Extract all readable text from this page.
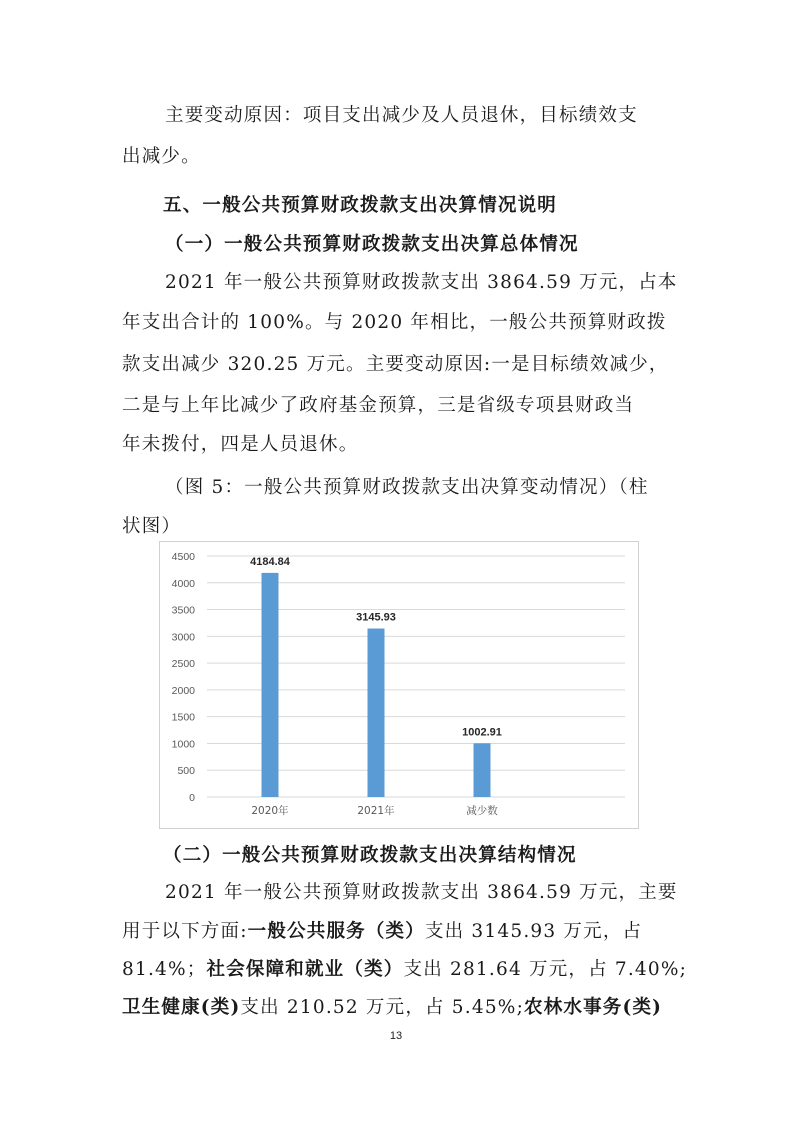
主要变动原因：项目支出减少及人员退休，目标绩效支
出减少。
五、一般公共预算财政拨款支出决算情况说明
（一）一般公共预算财政拨款支出决算总体情况
2021 年一般公共预算财政拨款支出 3864.59 万元，占本
年支出合计的 100%。与 2020 年相比，一般公共预算财政拨
款支出减少 320.25 万元。主要变动原因:一是目标绩效减少，
二是与上年比减少了政府基金预算，三是省级专项县财政当
年未拨付，四是人员退休。
（图 5：一般公共预算财政拨款支出决算变动情况）（柱
状图）
0
500
1000
1500
2000
2500
3000
3500
4000
4500	4184.84
2020年
3145.93
2021年
1002.91
减少数
（二）一般公共预算财政拨款支出决算结构情况
2021 年一般公共预算财政拨款支出 3864.59 万元，主要
用于以下方面:一般公共服务（类）支出 3145.93 万元，占
81.4%；社会保障和就业（类）支出 281.64 万元，占 7.40%;
卫生健康(类)支出 210.52 万元，占 5.45%;农林水事务(类)
13
